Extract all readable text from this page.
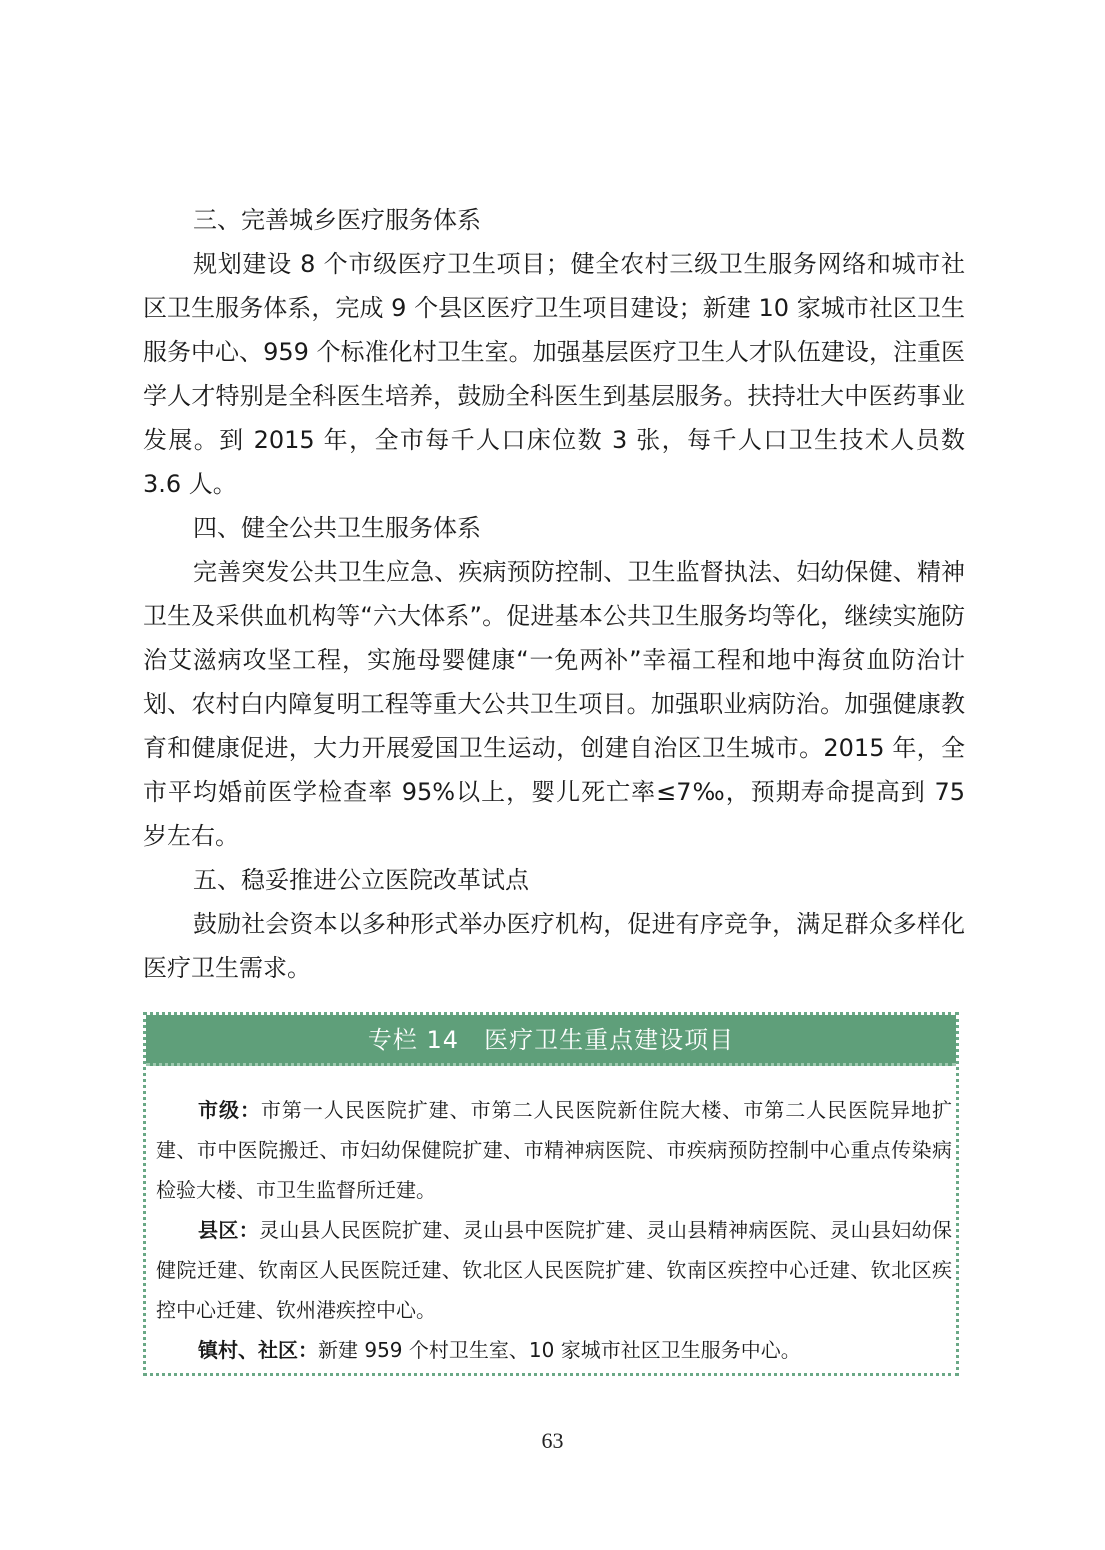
三、完善城乡医疗服务体系

规划建设 8 个市级医疗卫生项目；健全农村三级卫生服务网络和城市社区卫生服务体系，完成 9 个县区医疗卫生项目建设；新建 10 家城市社区卫生服务中心、959 个标准化村卫生室。加强基层医疗卫生人才队伍建设，注重医学人才特别是全科医生培养，鼓励全科医生到基层服务。扶持壮大中医药事业发展。到 2015 年，全市每千人口床位数 3 张，每千人口卫生技术人员数 3.6 人。

四、健全公共卫生服务体系

完善突发公共卫生应急、疾病预防控制、卫生监督执法、妇幼保健、精神卫生及采供血机构等“六大体系”。促进基本公共卫生服务均等化，继续实施防治艾滋病攻坚工程，实施母婴健康“一免两补”幸福工程和地中海贫血防治计划、农村白内障复明工程等重大公共卫生项目。加强职业病防治。加强健康教育和健康促进，大力开展爱国卫生运动，创建自治区卫生城市。2015 年，全市平均婚前医学检查率 95%以上，婴儿死亡率≤7‰，预期寿命提高到 75 岁左右。

五、稳妥推进公立医院改革试点

鼓励社会资本以多种形式举办医疗机构，促进有序竞争，满足群众多样化医疗卫生需求。

专栏 14　医疗卫生重点建设项目

市级：市第一人民医院扩建、市第二人民医院新住院大楼、市第二人民医院异地扩建、市中医院搬迁、市妇幼保健院扩建、市精神病医院、市疾病预防控制中心重点传染病检验大楼、市卫生监督所迁建。

县区：灵山县人民医院扩建、灵山县中医院扩建、灵山县精神病医院、灵山县妇幼保健院迁建、钦南区人民医院迁建、钦北区人民医院扩建、钦南区疾控中心迁建、钦北区疾控中心迁建、钦州港疾控中心。

镇村、社区：新建 959 个村卫生室、10 家城市社区卫生服务中心。

63
